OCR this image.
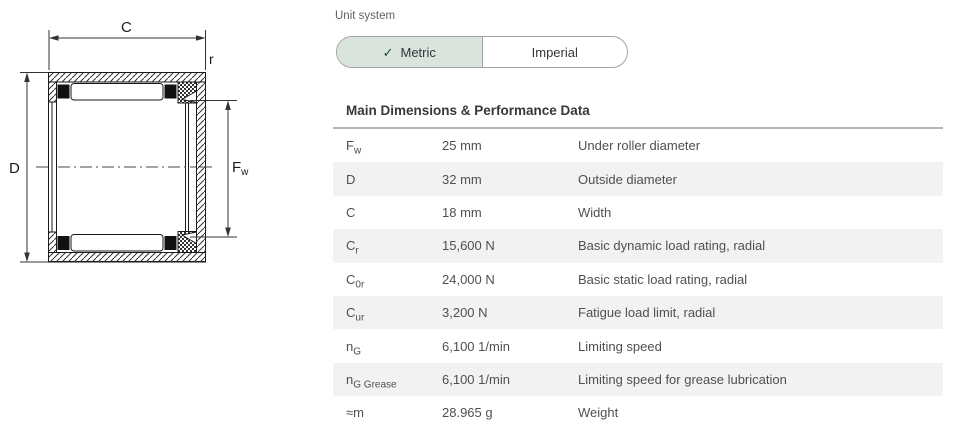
D
C
r
$F_w$
Unit system
✓ Metric	Imperial
Main Dimensions & Performance Data
$F_w$	25 mm	Under roller diameter
D	32 mm	Outside diameter
C	18 mm	Width
$C_r$	15,600 N	Basic dynamic load rating, radial
$C_{0r}$	24,000 N	Basic static load rating, radial
$C_{ur}$	3,200 N	Fatigue load limit, radial
$n_G$	6,100 1/min	Limiting speed
$n_{G Grease}$	6,100 1/min	Limiting speed for grease lubrication
≈m	28.965 g	Weight
